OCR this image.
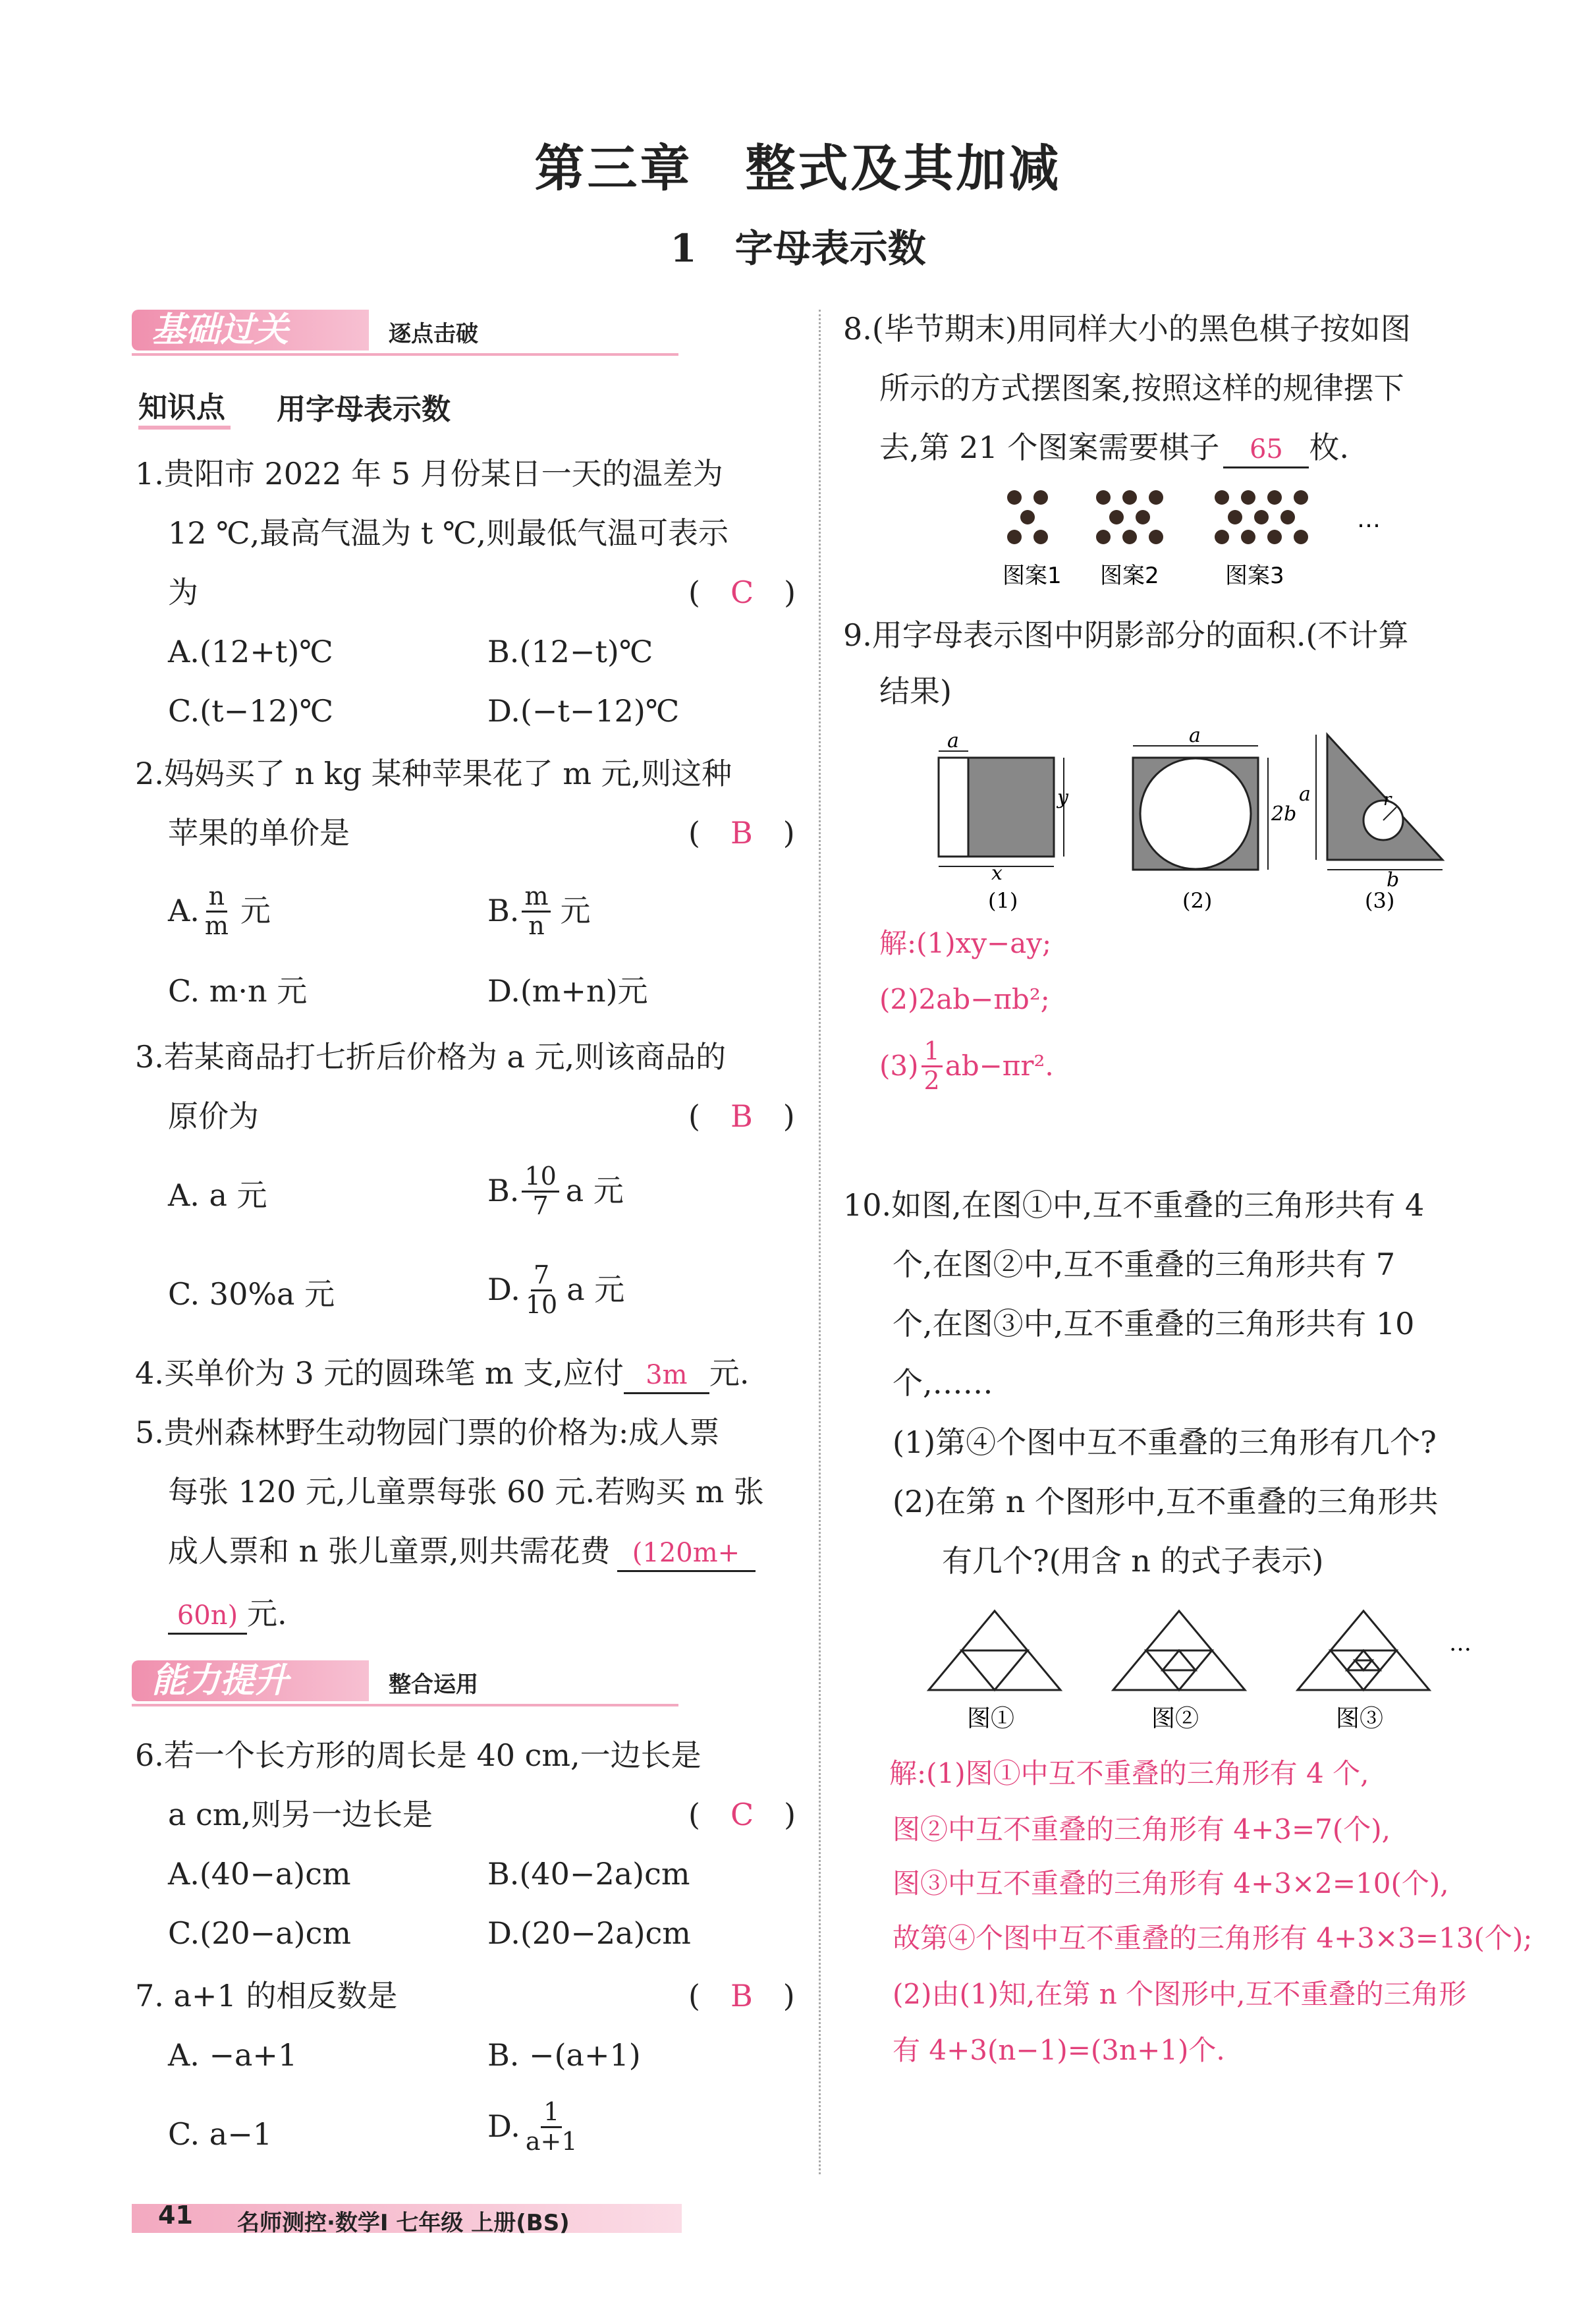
第三章　整式及其加减
1　字母表示数
基础过关	逐点击破
知识点 用字母表示数
1.贵阳市 2022 年 5 月份某日一天的温差为
12 ℃,最高气温为 t ℃,则最低气温可表示
为	(　C　)
A.(12+t)℃	B.(12−t)℃
C.(t−12)℃	D.(−t−12)℃
2.妈妈买了 n kg 某种苹果花了 m 元,则这种
苹果的单价是	(　B　)
A. $\frac{n}{m}$ 元	B. $\frac{m}{n}$ 元
C. m·n 元	D.(m+n)元
3.若某商品打七折后价格为 a 元,则该商品的
原价为	(　B　)
A. a 元	B. $\frac{10}{7}$ a 元
C. 30%a 元	D. $\frac{7}{10}$ a 元
4.买单价为 3 元的圆珠笔 m 支,应付 3m 元.
5.贵州森林野生动物园门票的价格为:成人票
每张 120 元,儿童票每张 60 元.若购买 m 张
成人票和 n 张儿童票,则共需花费 (120m+
60n) 元.
能力提升	整合运用
6.若一个长方形的周长是 40 cm,一边长是
a cm,则另一边长是	(　C　)
A.(40−a)cm	B.(40−2a)cm
C.(20−a)cm	D.(20−2a)cm
7. a+1 的相反数是	(　B　)
A. −a+1	B. −(a+1)
C. a−1	D. $\frac{1}{a+1}$
8.(毕节期末)用同样大小的黑色棋子按如图
所示的方式摆图案,按照这样的规律摆下
去,第 21 个图案需要棋子 65 枚.
…
图案1 图案2	图案3
9.用字母表示图中阴影部分的面积.(不计算
结果)
a
y
x
a
2b
r
a
b
(1)	(2)	(3)
解:(1)xy−ay;
(2)2ab−πb²;
$(3) \frac{1}{2} ab-\pi r^2$.
10.如图,在图①中,互不重叠的三角形共有 4
个,在图②中,互不重叠的三角形共有 7
个,在图③中,互不重叠的三角形共有 10
个,……
(1)第④个图中互不重叠的三角形有几个?
(2)在第 n 个图形中,互不重叠的三角形共
有几个?(用含 n 的式子表示)
…
图①	图②	图③
解:(1)图①中互不重叠的三角形有 4 个,
图②中互不重叠的三角形有 4+3=7(个),
图③中互不重叠的三角形有 4+3×2=10(个),
故第④个图中互不重叠的三角形有 4+3×3=13(个);
(2)由(1)知,在第 n 个图形中,互不重叠的三角形
有 4+3(n−1)=(3n+1)个.
41 名师测控·数学Ⅰ 七年级 上册(BS)
